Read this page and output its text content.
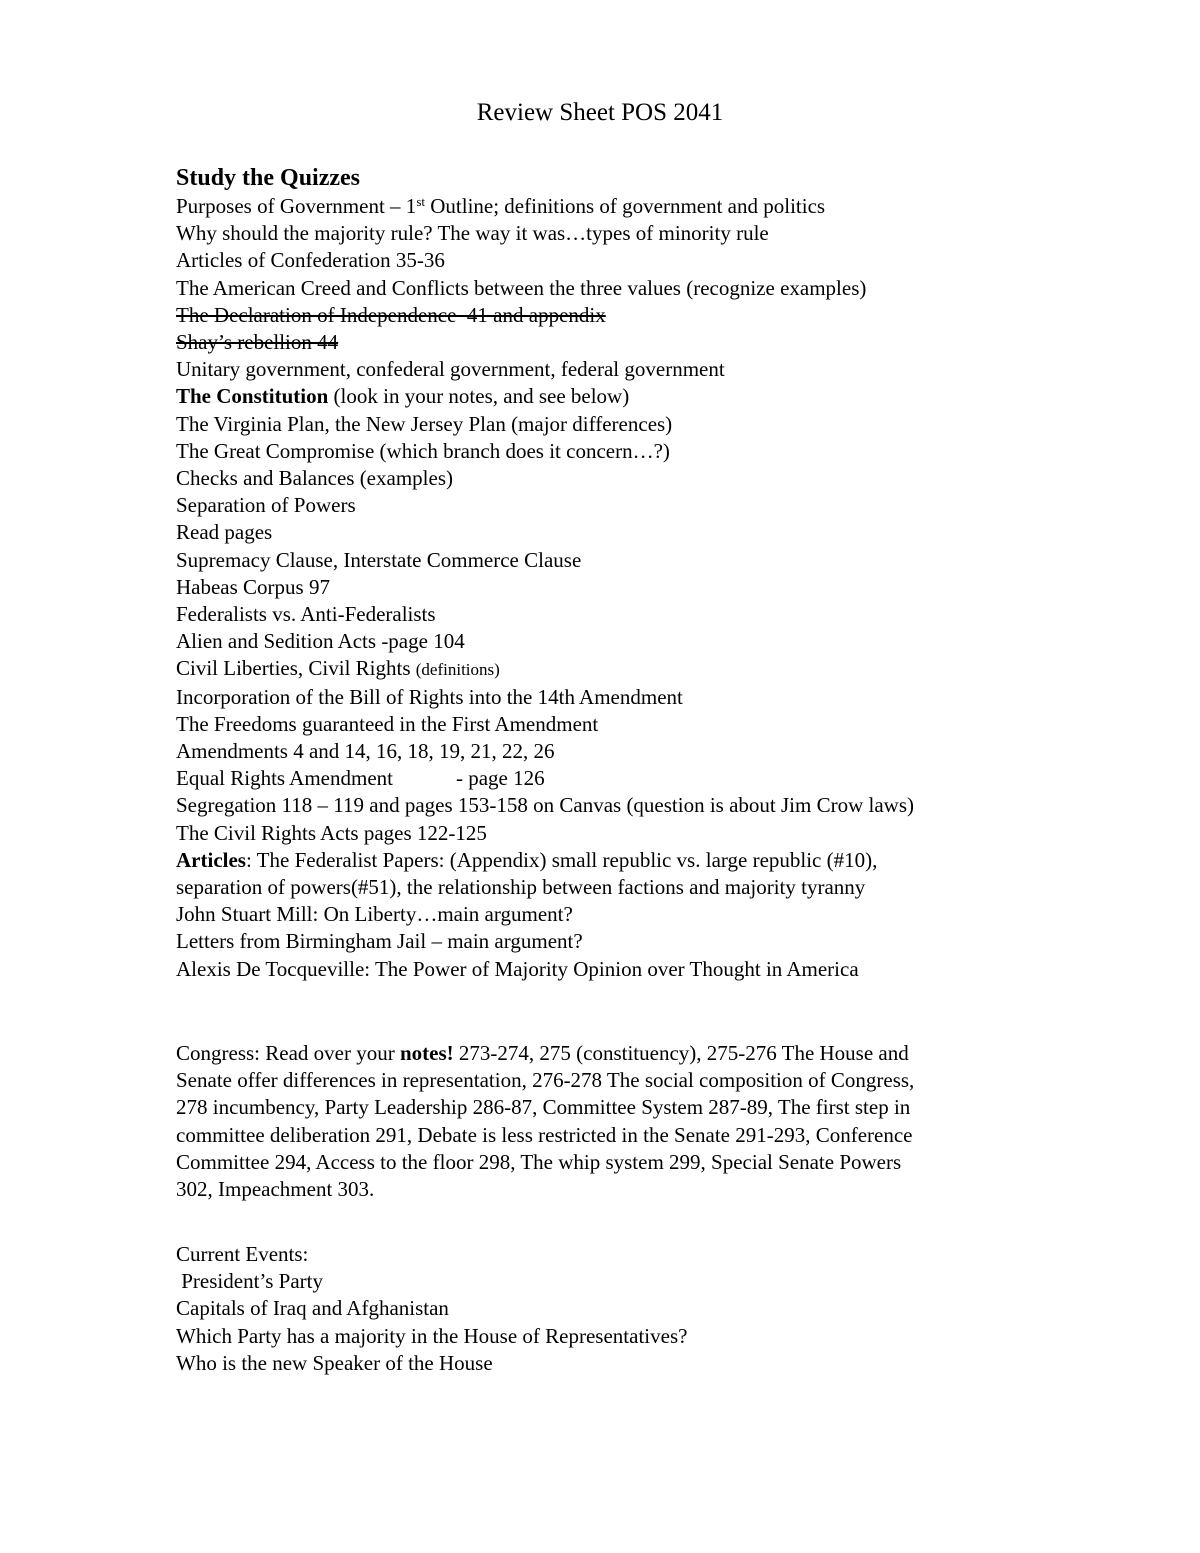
Review Sheet POS 2041
Study the Quizzes
Purposes of Government – 1st Outline; definitions of government and politics
Why should the majority rule? The way it was…types of minority rule
Articles of Confederation 35-36
The American Creed and Conflicts between the three values (recognize examples)
The Declaration of Independence  41 and appendix
Shay’s rebellion 44
Unitary government, confederal government, federal government
The Constitution (look in your notes, and see below)
The Virginia Plan, the New Jersey Plan (major differences)
The Great Compromise (which branch does it concern…?)
Checks and Balances (examples)
Separation of Powers
Read pages
Supremacy Clause, Interstate Commerce Clause
Habeas Corpus 97
Federalists vs. Anti-Federalists
Alien and Sedition Acts -page 104
Civil Liberties, Civil Rights (definitions)
Incorporation of the Bill of Rights into the 14th Amendment
The Freedoms guaranteed in the First Amendment
Amendments 4 and 14, 16, 18, 19, 21, 22, 26
Equal Rights Amendment            - page 126
Segregation 118 – 119 and pages 153-158 on Canvas (question is about Jim Crow laws)
The Civil Rights Acts pages 122-125
Articles: The Federalist Papers: (Appendix) small republic vs. large republic (#10),
separation of powers(#51), the relationship between factions and majority tyranny
John Stuart Mill: On Liberty…main argument?
Letters from Birmingham Jail – main argument?
Alexis De Tocqueville: The Power of Majority Opinion over Thought in America
Congress: Read over your notes! 273-274, 275 (constituency), 275-276 The House and
Senate offer differences in representation, 276-278 The social composition of Congress,
278 incumbency, Party Leadership 286-87, Committee System 287-89, The first step in
committee deliberation 291, Debate is less restricted in the Senate 291-293, Conference
Committee 294, Access to the floor 298, The whip system 299, Special Senate Powers
302, Impeachment 303.
Current Events:
President’s Party
Capitals of Iraq and Afghanistan
Which Party has a majority in the House of Representatives?
Who is the new Speaker of the House
